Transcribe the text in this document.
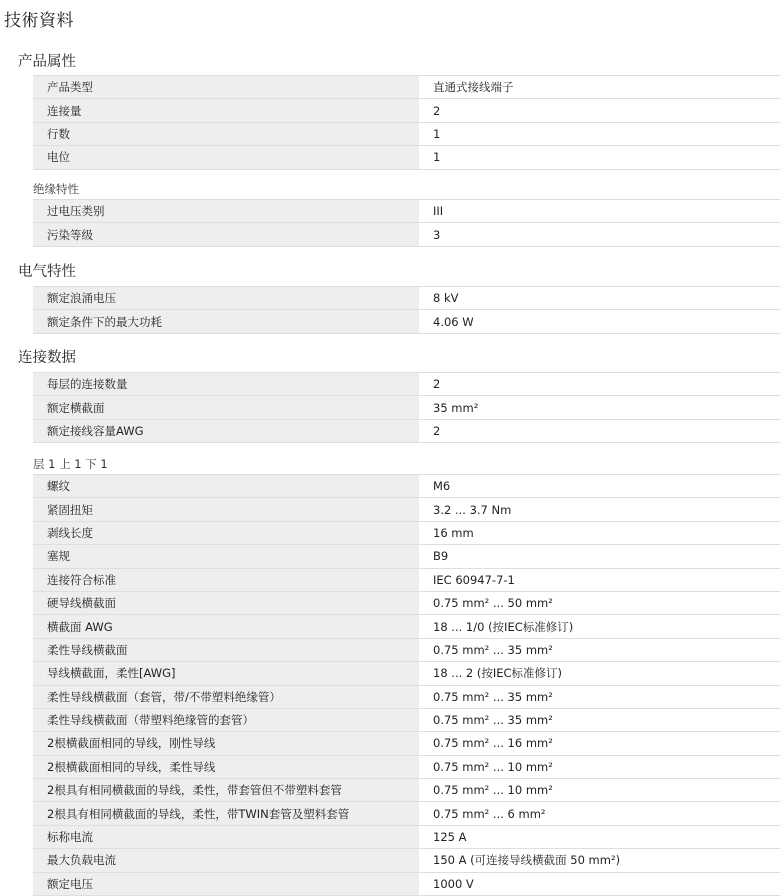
技術資料
产品属性
产品类型	直通式接线端子
连接量	2
行数	1
电位	1
绝缘特性
过电压类别	III
污染等级	3
电气特性
额定浪涌电压	8 kV
额定条件下的最大功耗	4.06 W
连接数据
每层的连接数量	2
额定横截面	35 mm²
额定接线容量AWG	2
层 1 上 1 下 1
螺纹	M6
紧固扭矩	3.2 ... 3.7 Nm
剥线长度	16 mm
塞规	B9
连接符合标准	IEC 60947-7-1
硬导线横截面	0.75 mm² ... 50 mm²
横截面 AWG	18 ... 1/0 (按IEC标准修订)
柔性导线横截面	0.75 mm² ... 35 mm²
导线横截面，柔性[AWG]	18 ... 2 (按IEC标准修订)
柔性导线横截面（套管，带/不带塑料绝缘管）	0.75 mm² ... 35 mm²
柔性导线横截面（带塑料绝缘管的套管）	0.75 mm² ... 35 mm²
2根横截面相同的导线，刚性导线	0.75 mm² ... 16 mm²
2根横截面相同的导线，柔性导线	0.75 mm² ... 10 mm²
2根具有相同横截面的导线，柔性，带套管但不带塑料套管	0.75 mm² ... 10 mm²
2根具有相同横截面的导线，柔性，带TWIN套管及塑料套管	0.75 mm² ... 6 mm²
标称电流	125 A
最大负载电流	150 A (可连接导线横截面 50 mm²)
额定电压	1000 V
